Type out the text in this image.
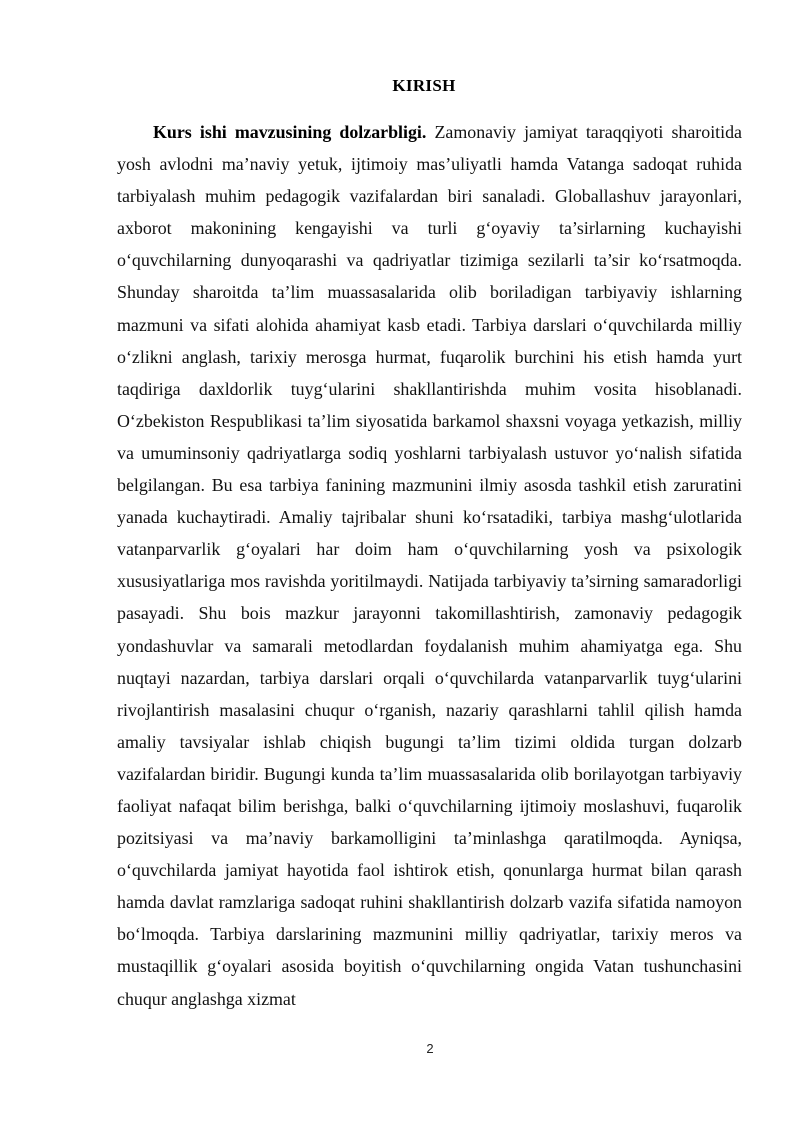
KIRISH

Kurs ishi mavzusining dolzarbligi. Zamonaviy jamiyat taraqqiyoti sharoitida yosh avlodni ma’naviy yetuk, ijtimoiy mas’uliyatli hamda Vatanga sadoqat ruhida tarbiyalash muhim pedagogik vazifalardan biri sanaladi. Globallashuv jarayonlari, axborot makonining kengayishi va turli g‘oyaviy ta’sirlarning kuchayishi o‘quvchilarning dunyoqarashi va qadriyatlar tizimiga sezilarli ta’sir ko‘rsatmoqda. Shunday sharoitda ta’lim muassasalarida olib boriladigan tarbiyaviy ishlarning mazmuni va sifati alohida ahamiyat kasb etadi. Tarbiya darslari o‘quvchilarda milliy o‘zlikni anglash, tarixiy merosga hurmat, fuqarolik burchini his etish hamda yurt taqdiriga daxldorlik tuyg‘ularini shakllantirishda muhim vosita hisoblanadi. O‘zbekiston Respublikasi ta’lim siyosatida barkamol shaxsni voyaga yetkazish, milliy va umuminsoniy qadriyatlarga sodiq yoshlarni tarbiyalash ustuvor yo‘nalish sifatida belgilangan. Bu esa tarbiya fanining mazmunini ilmiy asosda tashkil etish zaruratini yanada kuchaytiradi. Amaliy tajribalar shuni ko‘rsatadiki, tarbiya mashg‘ulotlarida vatanparvarlik g‘oyalari har doim ham o‘quvchilarning yosh va psixologik xususiyatlariga mos ravishda yoritilmaydi. Natijada tarbiyaviy ta’sirning samaradorligi pasayadi. Shu bois mazkur jarayonni takomillashtirish, zamonaviy pedagogik yondashuvlar va samarali metodlardan foydalanish muhim ahamiyatga ega. Shu nuqtayi nazardan, tarbiya darslari orqali o‘quvchilarda vatanparvarlik tuyg‘ularini rivojlantirish masalasini chuqur o‘rganish, nazariy qarashlarni tahlil qilish hamda amaliy tavsiyalar ishlab chiqish bugungi ta’lim tizimi oldida turgan dolzarb vazifalardan biridir. Bugungi kunda ta’lim muassasalarida olib borilayotgan tarbiyaviy faoliyat nafaqat bilim berishga, balki o‘quvchilarning ijtimoiy moslashuvi, fuqarolik pozitsiyasi va ma’naviy barkamolligini ta’minlashga qaratilmoqda. Ayniqsa, o‘quvchilarda jamiyat hayotida faol ishtirok etish, qonunlarga hurmat bilan qarash hamda davlat ramzlariga sadoqat ruhini shakllantirish dolzarb vazifa sifatida namoyon bo‘lmoqda. Tarbiya darslarining mazmunini milliy qadriyatlar, tarixiy meros va mustaqillik g‘oyalari asosida boyitish o‘quvchilarning ongida Vatan tushunchasini chuqur anglashga xizmat

2
